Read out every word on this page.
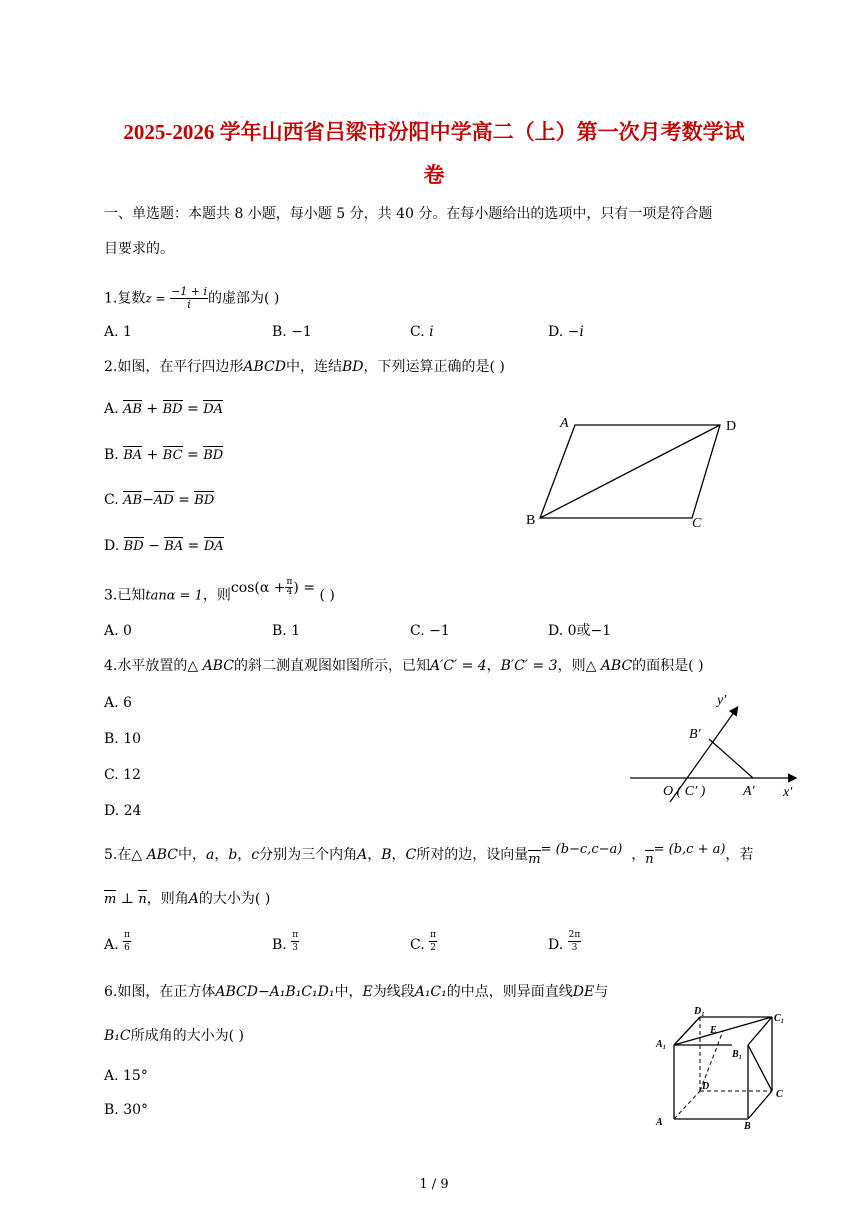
2025-2026 学年山西省吕梁市汾阳中学高二（上）第一次月考数学试
卷
一、单选题：本题共 8 小题，每小题 5 分，共 40 分。在每小题给出的选项中，只有一项是符合题
目要求的。
1.复数$z = \frac{-1 + i}{i}$ 的虚部为( )
A. 1	B. −1	C. i	D. −i
2.如图，在平行四边形ABCD中，连结BD，下列运算正确的是( )
A. AB + BD = DA
B. BA + BC = BD
C. AB−AD = BD
D. BD − BA = DA
A	D
B	C
3.已知tanα = 1，则$\cos(\alpha + \frac{\pi}{4}$ ) = ( )
A. 0	B. 1	C. −1	D. 0或−1
4.水平放置的△ ABC的斜二测直观图如图所示，已知A′C′ = 4，B′C′ = 3，则△ ABC的面积是( )
A. 6
B. 10
C. 12
D. 24
y′
x′
B′
A′
O ( C′ )
5.在△ ABC中，a，b，c分别为三个内角A，B，C所对的边，设向量m= (b−c,c−a)  ，n= (b,c + a)，若
m ⊥ n，则角A的大小为( )
A. $\frac{\pi}{6}$	B. $\frac{\pi}{3}$	C. $\frac{\pi}{2}$	D. $\frac{2\pi}{3}$
6.如图，在正方体ABCD−A₁B₁C₁D₁中，E为线段A₁C₁的中点，则异面直线DE与
B₁C所成角的大小为( )
A. 15°
B. 30°
D₁
C₁
A₁
B₁
E
D
C
A	B
1 / 9
